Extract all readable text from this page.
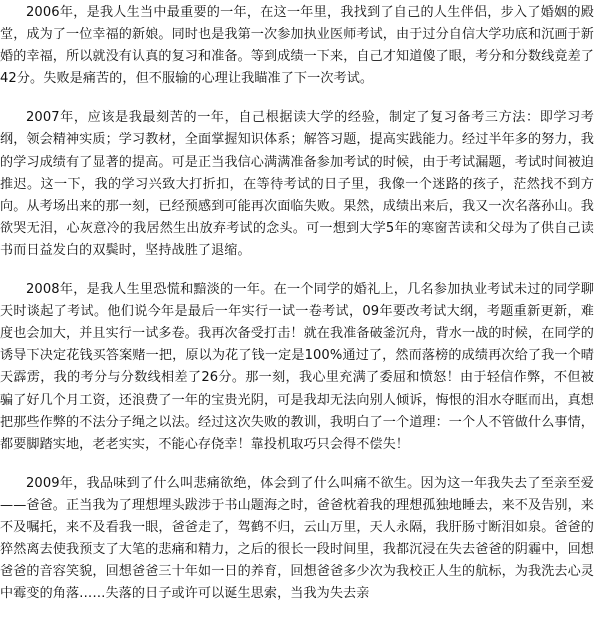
2006年，是我人生当中最重要的一年，在这一年里，我找到了自己的人生伴侣，步入了婚姻的殿堂，成为了一位幸福的新娘。同时也是我第一次参加执业医师考试，由于过分自信大学功底和沉画于新婚的幸福，所以就没有认真的复习和准备。等到成绩一下来，自己才知道傻了眼，考分和分数线竟差了42分。失败是痛苦的，但不服输的心理让我瞄准了下一次考试。

2007年，应该是我最刻苦的一年，自己根据读大学的经验，制定了复习备考三方法：即学习考纲，领会精神实质；学习教材，全面掌握知识体系；解答习题，提高实践能力。经过半年多的努力，我的学习成绩有了显著的提高。可是正当我信心满满准备参加考试的时候，由于考试漏题，考试时间被迫推迟。这一下，我的学习兴致大打折扣，在等待考试的日子里，我像一个迷路的孩子，茫然找不到方向。从考场出来的那一刻，已经预感到可能再次面临失败。果然，成绩出来后，我又一次名落孙山。我欲哭无泪，心灰意冷的我居然生出放弃考试的念头。可一想到大学5年的寒窗苦读和父母为了供自己读书而日益发白的双鬓时，坚持战胜了退缩。

2008年，是我人生里恐慌和黯淡的一年。在一个同学的婚礼上，几名参加执业考试未过的同学聊天时谈起了考试。他们说今年是最后一年实行一试一卷考试，09年要改考试大纲，考题重新更新，难度也会加大，并且实行一试多卷。我再次备受打击！就在我准备破釜沉舟，背水一战的时候，在同学的诱导下决定花钱买答案赌一把，原以为花了钱一定是100%通过了，然而落榜的成绩再次给了我一个晴天霹雳，我的考分与分数线相差了26分。那一刻，我心里充满了委屈和愤怒！由于轻信作弊，不但被骗了好几个月工资，还浪费了一年的宝贵光阴，可是我却无法向别人倾诉，悔恨的泪水夺眶而出，真想把那些作弊的不法分子绳之以法。经过这次失败的教训，我明白了一个道理：一个人不管做什么事情，都要脚踏实地，老老实实，不能心存侥幸！靠投机取巧只会得不偿失！

2009年，我品味到了什么叫悲痛欲绝，体会到了什么叫痛不欲生。因为这一年我失去了至亲至爱——爸爸。正当我为了理想埋头跋涉于书山题海之时，爸爸枕着我的理想孤独地睡去，来不及告别，来不及嘱托，来不及看我一眼，爸爸走了，驾鹤不归，云山万里，天人永隔，我肝肠寸断泪如泉。爸爸的猝然离去使我预支了大笔的悲痛和精力，之后的很长一段时间里，我都沉浸在失去爸爸的阴霾中，回想爸爸的音容笑貌，回想爸爸三十年如一日的养育，回想爸爸多少次为我校正人生的航标，为我洗去心灵中霉变的角落……失落的日子或许可以诞生思索，当我为失去亲
